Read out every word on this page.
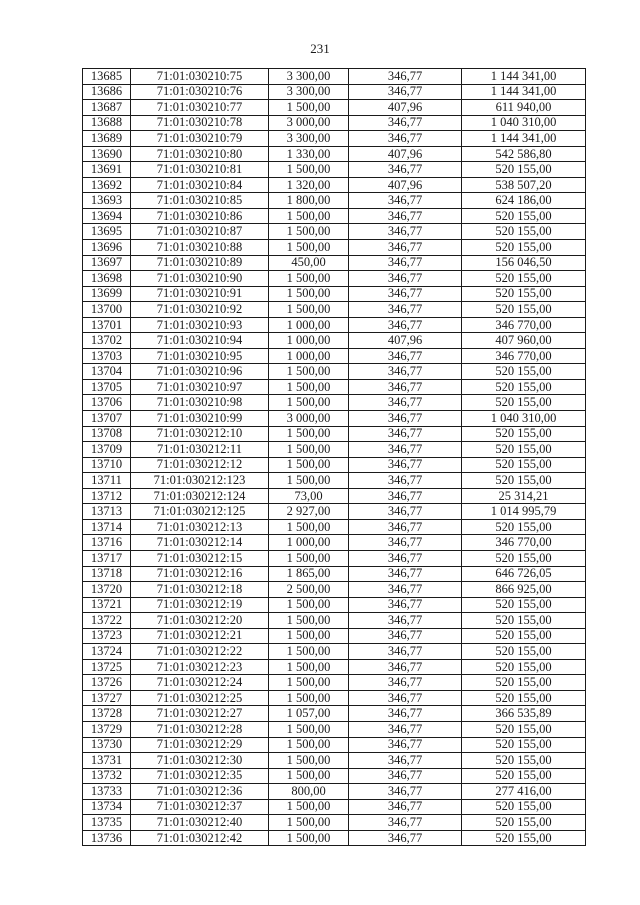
231
13685	71:01:030210:75	3 300,00	346,77	1 144 341,00
13686	71:01:030210:76	3 300,00	346,77	1 144 341,00
13687	71:01:030210:77	1 500,00	407,96	611 940,00
13688	71:01:030210:78	3 000,00	346,77	1 040 310,00
13689	71:01:030210:79	3 300,00	346,77	1 144 341,00
13690	71:01:030210:80	1 330,00	407,96	542 586,80
13691	71:01:030210:81	1 500,00	346,77	520 155,00
13692	71:01:030210:84	1 320,00	407,96	538 507,20
13693	71:01:030210:85	1 800,00	346,77	624 186,00
13694	71:01:030210:86	1 500,00	346,77	520 155,00
13695	71:01:030210:87	1 500,00	346,77	520 155,00
13696	71:01:030210:88	1 500,00	346,77	520 155,00
13697	71:01:030210:89	450,00	346,77	156 046,50
13698	71:01:030210:90	1 500,00	346,77	520 155,00
13699	71:01:030210:91	1 500,00	346,77	520 155,00
13700	71:01:030210:92	1 500,00	346,77	520 155,00
13701	71:01:030210:93	1 000,00	346,77	346 770,00
13702	71:01:030210:94	1 000,00	407,96	407 960,00
13703	71:01:030210:95	1 000,00	346,77	346 770,00
13704	71:01:030210:96	1 500,00	346,77	520 155,00
13705	71:01:030210:97	1 500,00	346,77	520 155,00
13706	71:01:030210:98	1 500,00	346,77	520 155,00
13707	71:01:030210:99	3 000,00	346,77	1 040 310,00
13708	71:01:030212:10	1 500,00	346,77	520 155,00
13709	71:01:030212:11	1 500,00	346,77	520 155,00
13710	71:01:030212:12	1 500,00	346,77	520 155,00
13711	71:01:030212:123	1 500,00	346,77	520 155,00
13712	71:01:030212:124	73,00	346,77	25 314,21
13713	71:01:030212:125	2 927,00	346,77	1 014 995,79
13714	71:01:030212:13	1 500,00	346,77	520 155,00
13716	71:01:030212:14	1 000,00	346,77	346 770,00
13717	71:01:030212:15	1 500,00	346,77	520 155,00
13718	71:01:030212:16	1 865,00	346,77	646 726,05
13720	71:01:030212:18	2 500,00	346,77	866 925,00
13721	71:01:030212:19	1 500,00	346,77	520 155,00
13722	71:01:030212:20	1 500,00	346,77	520 155,00
13723	71:01:030212:21	1 500,00	346,77	520 155,00
13724	71:01:030212:22	1 500,00	346,77	520 155,00
13725	71:01:030212:23	1 500,00	346,77	520 155,00
13726	71:01:030212:24	1 500,00	346,77	520 155,00
13727	71:01:030212:25	1 500,00	346,77	520 155,00
13728	71:01:030212:27	1 057,00	346,77	366 535,89
13729	71:01:030212:28	1 500,00	346,77	520 155,00
13730	71:01:030212:29	1 500,00	346,77	520 155,00
13731	71:01:030212:30	1 500,00	346,77	520 155,00
13732	71:01:030212:35	1 500,00	346,77	520 155,00
13733	71:01:030212:36	800,00	346,77	277 416,00
13734	71:01:030212:37	1 500,00	346,77	520 155,00
13735	71:01:030212:40	1 500,00	346,77	520 155,00
13736	71:01:030212:42	1 500,00	346,77	520 155,00
